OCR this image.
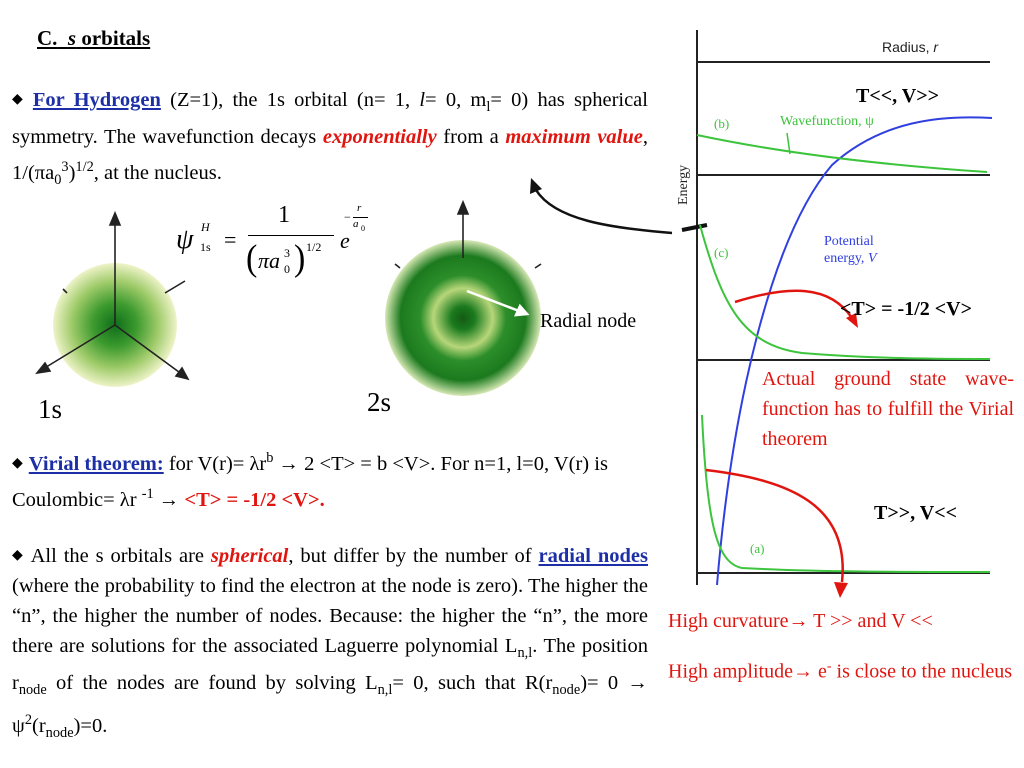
C. s orbitals
◆ For Hydrogen (Z=1), the 1s orbital (n= 1, l= 0, $m_l= 0$) has spherical symmetry. The wavefunction decays exponentially from a maximum value, $1/(\pi a_0^3)^{1/2}$, at the nucleus.
ψ H
1s =
1
( πa 3
0 ) 1/2 e
−
r
a 0
Radial node
1s	2s
◆ Virial theorem: for $V(r)= \lambda r^b \to 2 <T> = b <V>$. For n=1, l=0, V(r) is Coulombic= λr $^{-1}$ → <T> = -1/2 <V>.
◆ All the s orbitals are spherical, but differ by the number of radial nodes (where the probability to find the electron at the node is zero). The higher the “n”, the higher the number of nodes. Because: the higher the “n”, the more there are solutions for the associated Laguerre polynomial $L_{n,l}$. The position $r_{node}$ of the nodes are found by solving $L_{n,l}= 0$, such that $R(r_{node})= 0 \to \psi^2(r_{node})=0$.
Radius, r
Energy
(b)	Wavefunction, ψ
(c)
Potential
energy, V
(a)
T<<, V>>
<T> = -1/2 <V>
Actual ground state wave-function has to fulfill the Virial theorem
T>>, V<<
High curvature→ T >> and V <<
High amplitude→ e- is close to the nucleus
